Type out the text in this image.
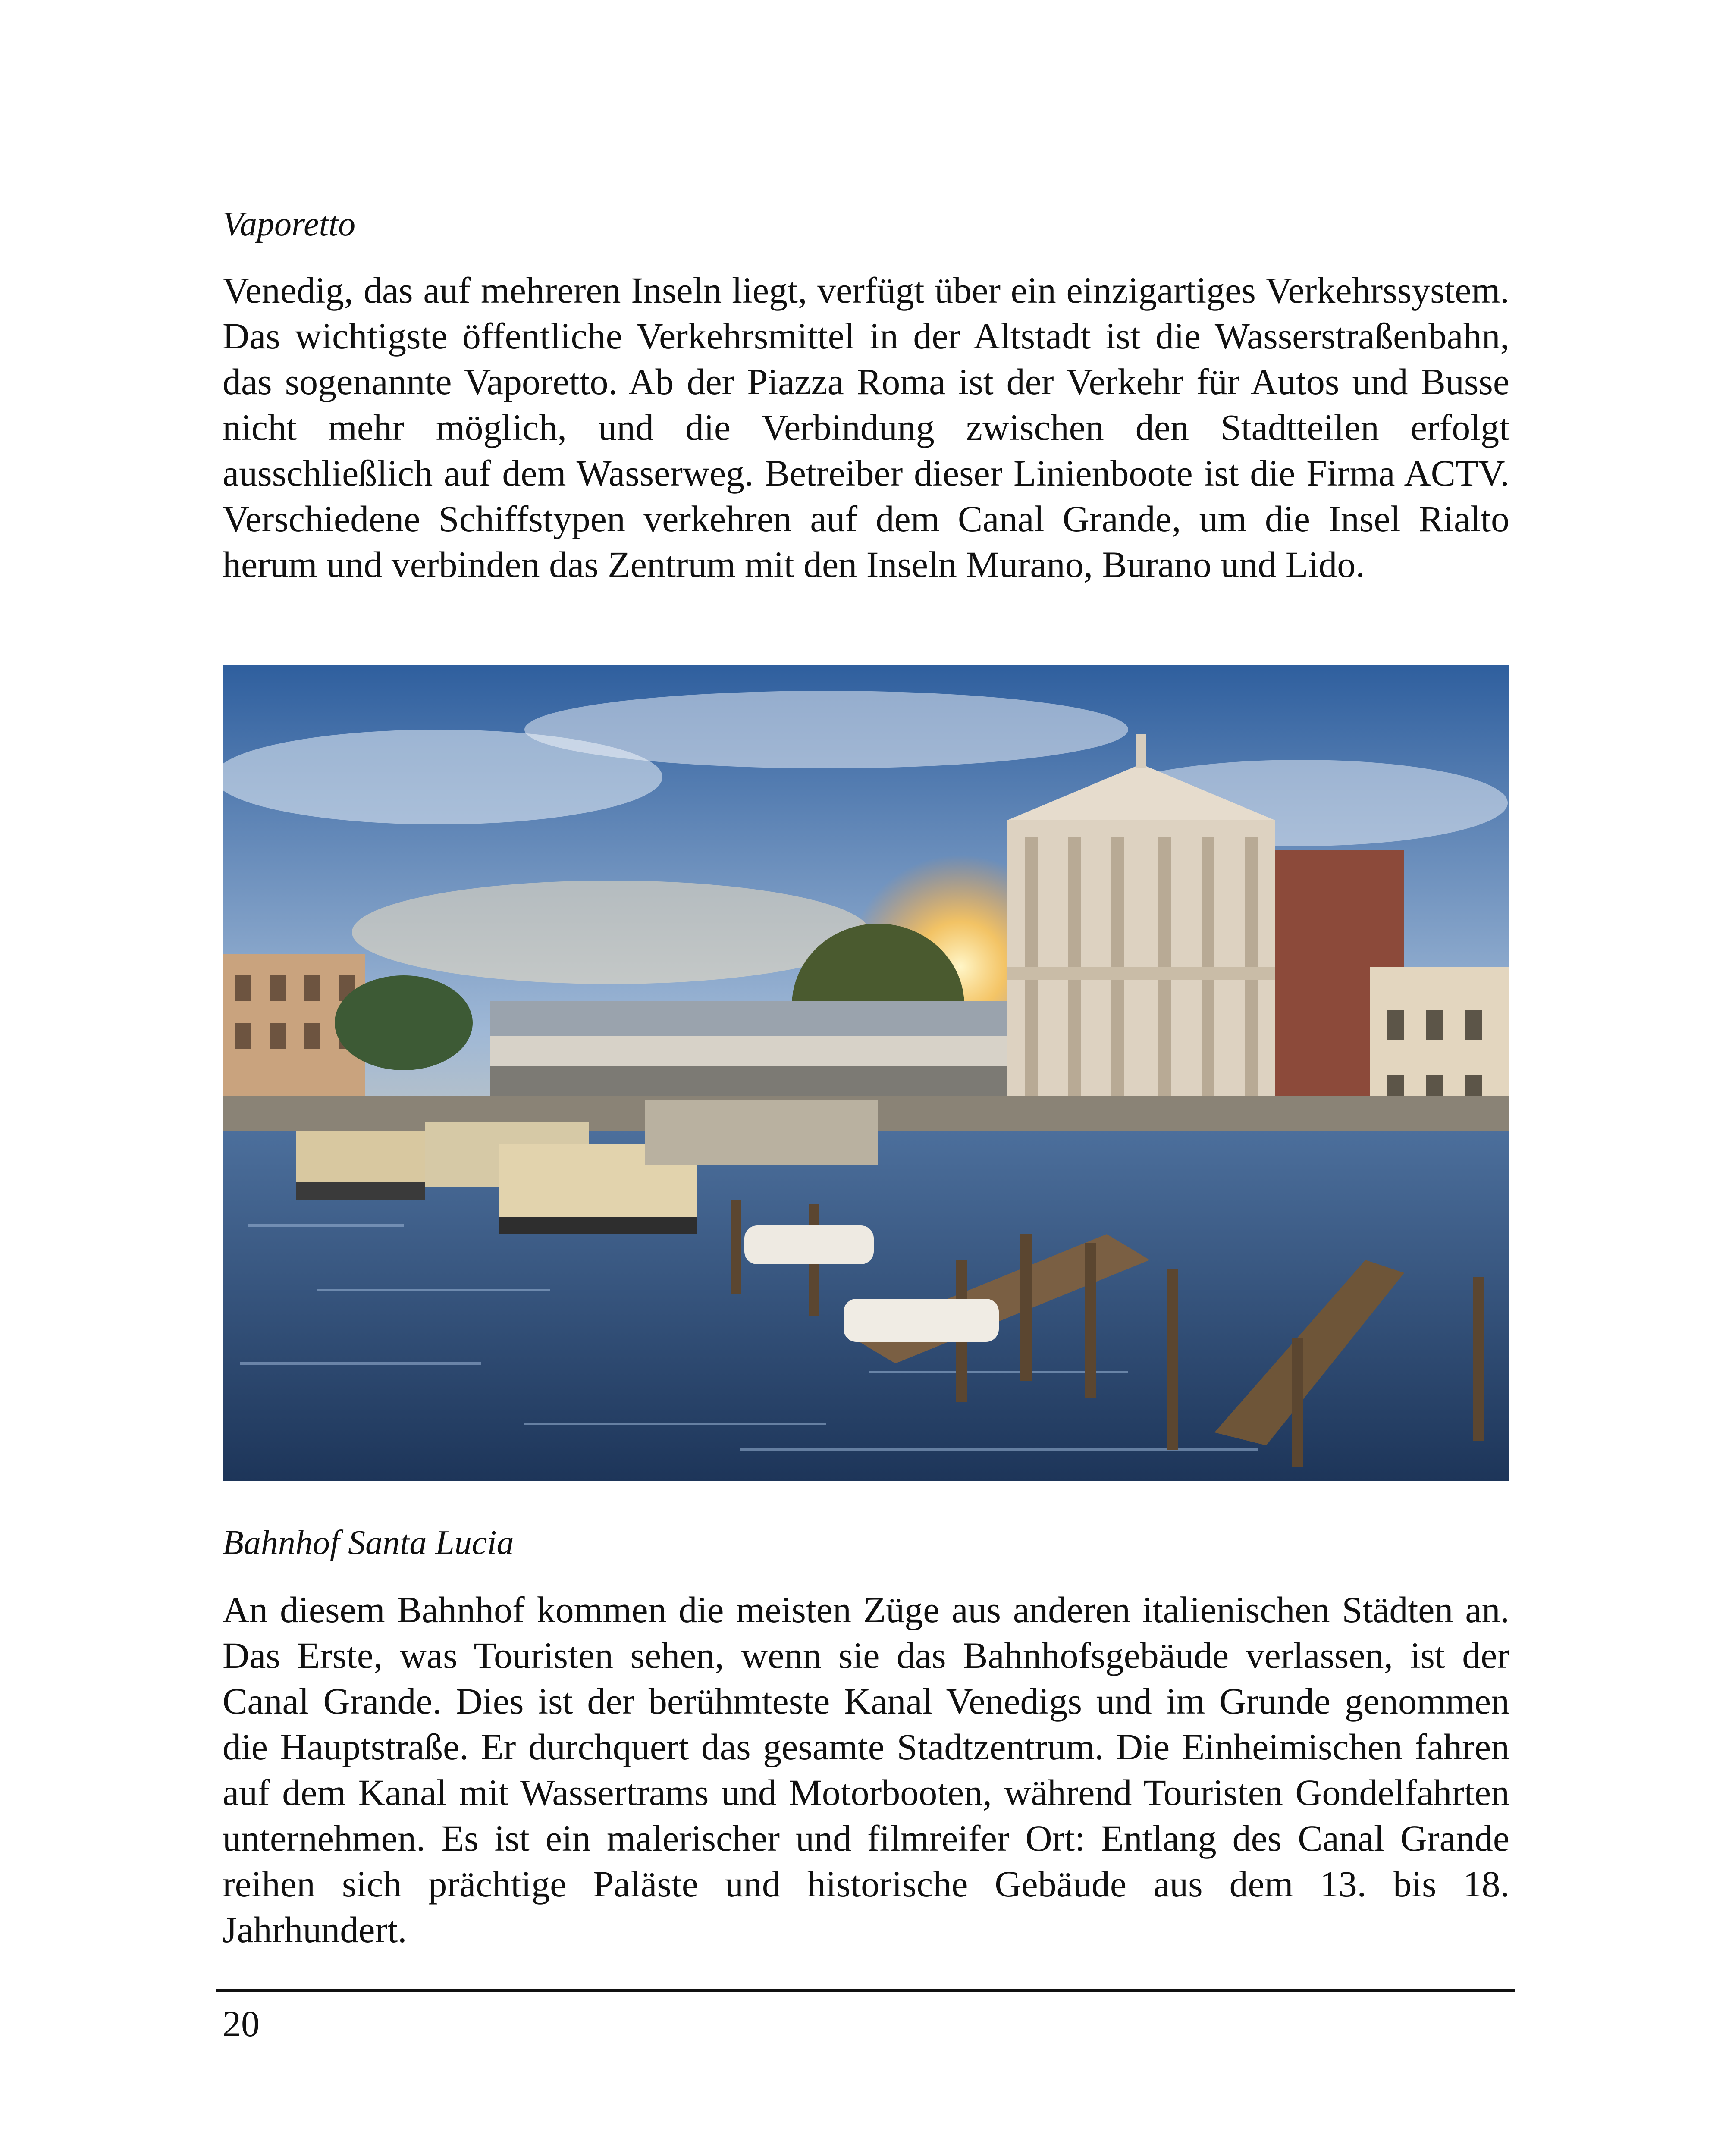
Vaporetto

Venedig, das auf mehreren Inseln liegt, verfügt über ein einzigartiges Verkehrssystem. Das wichtigste öffentliche Verkehrsmittel in der Altstadt ist die Wasserstraßenbahn, das sogenannte Vaporetto. Ab der Piazza Roma ist der Verkehr für Autos und Busse nicht mehr möglich, und die Verbindung zwischen den Stadtteilen erfolgt ausschließlich auf dem Wasserweg. Betreiber dieser Linienboote ist die Firma ACTV. Verschiedene Schiffstypen verkehren auf dem Canal Grande, um die Insel Rialto herum und verbinden das Zentrum mit den Inseln Murano, Burano und Lido.

Bahnhof Santa Lucia

An diesem Bahnhof kommen die meisten Züge aus anderen italienischen Städten an. Das Erste, was Touristen sehen, wenn sie das Bahnhofsgebäude verlassen, ist der Canal Grande. Dies ist der berühmteste Kanal Venedigs und im Grunde genommen die Hauptstraße. Er durchquert das gesamte Stadtzentrum. Die Einheimischen fahren auf dem Kanal mit Wassertrams und Motorbooten, während Touristen Gondelfahrten unternehmen. Es ist ein malerischer und filmreifer Ort: Entlang des Canal Grande reihen sich prächtige Paläste und historische Gebäude aus dem 13. bis 18. Jahrhundert.

20
